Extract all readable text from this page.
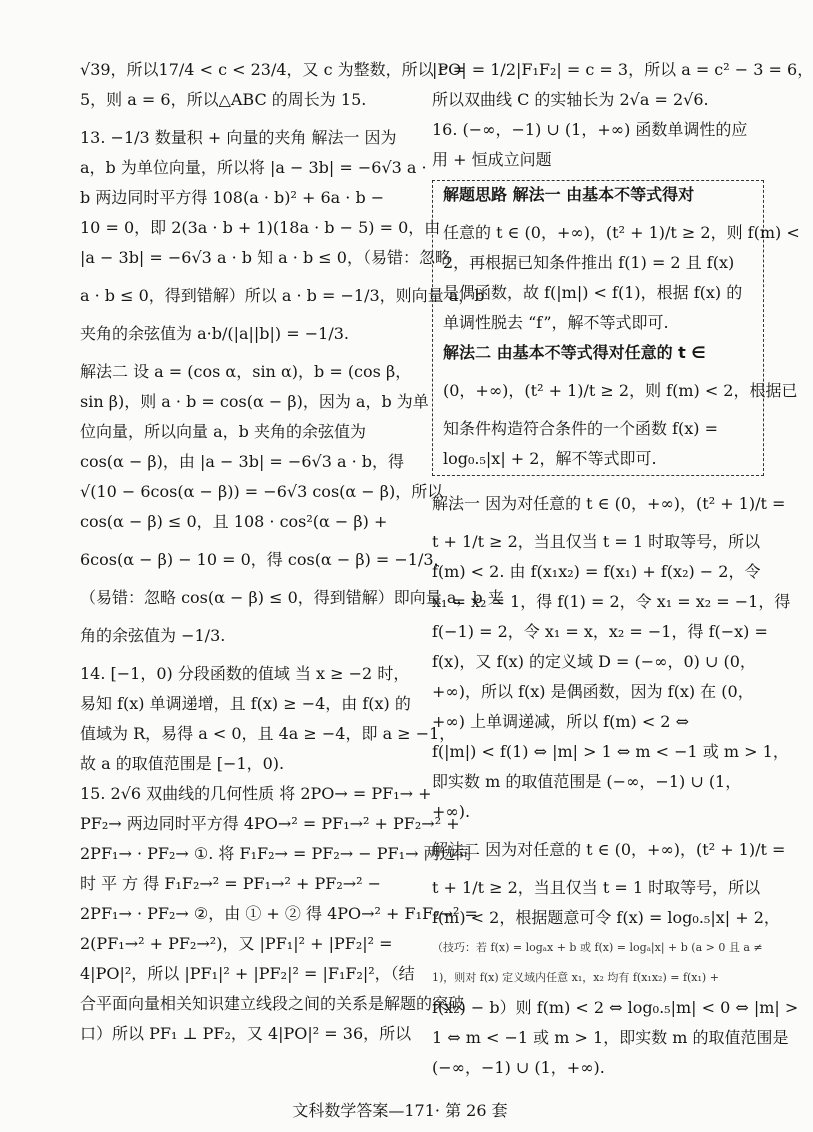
√39，所以17/4 < c < 23/4，又 c 为整数，所以 c =
5，则 a = 6，所以△ABC 的周长为 15.
13. −1/3 数量积 + 向量的夹角 解法一 因为
a，b 为单位向量，所以将 |a − 3b| = −6√3 a ·
b 两边同时平方得 108(a · b)² + 6a · b −
10 = 0，即 2(3a · b + 1)(18a · b − 5) = 0，由
|a − 3b| = −6√3 a · b 知 a · b ≤ 0，（易错：忽略
a · b ≤ 0，得到错解）所以 a · b = −1/3，则向量 a，b
夹角的余弦值为 a·b/(|a||b|) = −1/3.
解法二 设 a = (cos α，sin α)，b = (cos β，
sin β)，则 a · b = cos(α − β)，因为 a，b 为单
位向量，所以向量 a，b 夹角的余弦值为
cos(α − β)，由 |a − 3b| = −6√3 a · b，得
√(10 − 6cos(α − β)) = −6√3 cos(α − β)，所以
cos(α − β) ≤ 0，且 108 · cos²(α − β) +
6cos(α − β) − 10 = 0，得 cos(α − β) = −1/3，
（易错：忽略 cos(α − β) ≤ 0，得到错解）即向量 a，b 夹
角的余弦值为 −1/3.
14. [−1，0) 分段函数的值域 当 x ≥ −2 时，
易知 f(x) 单调递增，且 f(x) ≥ −4，由 f(x) 的
值域为 R，易得 a < 0，且 4a ≥ −4，即 a ≥ −1，
故 a 的取值范围是 [−1，0).
15. 2√6 双曲线的几何性质 将 2PO→ = PF₁→ +
PF₂→ 两边同时平方得 4PO→² = PF₁→² + PF₂→² +
2PF₁→ · PF₂→ ①. 将 F₁F₂→ = PF₂→ − PF₁→ 两边同
时 平 方 得 F₁F₂→² = PF₁→² + PF₂→² −
2PF₁→ · PF₂→ ②，由 ① + ② 得 4PO→² + F₁F₂→² =
2(PF₁→² + PF₂→²)，又 |PF₁|² + |PF₂|² =
4|PO|²，所以 |PF₁|² + |PF₂|² = |F₁F₂|²，（结
合平面向量相关知识建立线段之间的关系是解题的突破
口）所以 PF₁ ⊥ PF₂，又 4|PO|² = 36，所以
|PO| = 1/2|F₁F₂| = c = 3，所以 a = c² − 3 = 6，
所以双曲线 C 的实轴长为 2√a = 2√6.
16. (−∞，−1) ∪ (1，+∞) 函数单调性的应
用 + 恒成立问题
解题思路 解法一 由基本不等式得对
任意的 t ∈ (0，+∞)，(t² + 1)/t ≥ 2，则 f(m) <
2，再根据已知条件推出 f(1) = 2 且 f(x)
是偶函数，故 f(|m|) < f(1)，根据 f(x) 的
单调性脱去 “f”，解不等式即可.
解法二 由基本不等式得对任意的 t ∈
(0，+∞)，(t² + 1)/t ≥ 2，则 f(m) < 2，根据已
知条件构造符合条件的一个函数 f(x) =
log₀.₅|x| + 2，解不等式即可.
解法一 因为对任意的 t ∈ (0，+∞)，(t² + 1)/t =
t + 1/t ≥ 2，当且仅当 t = 1 时取等号，所以
f(m) < 2. 由 f(x₁x₂) = f(x₁) + f(x₂) − 2，令
x₁ = x₂ = 1，得 f(1) = 2，令 x₁ = x₂ = −1，得
f(−1) = 2，令 x₁ = x，x₂ = −1，得 f(−x) =
f(x)，又 f(x) 的定义域 D = (−∞，0) ∪ (0，
+∞)，所以 f(x) 是偶函数，因为 f(x) 在 (0，
+∞) 上单调递减，所以 f(m) < 2 ⇔
f(|m|) < f(1) ⇔ |m| > 1 ⇔ m < −1 或 m > 1，
即实数 m 的取值范围是 (−∞，−1) ∪ (1，
+∞).
解法二 因为对任意的 t ∈ (0，+∞)，(t² + 1)/t =
t + 1/t ≥ 2，当且仅当 t = 1 时取等号，所以
f(m) < 2，根据题意可令 f(x) = log₀.₅|x| + 2，
（技巧：若 f(x) = logₐx + b 或 f(x) = logₐ|x| + b (a > 0 且 a ≠
1)，则对 f(x) 定义域内任意 x₁，x₂ 均有 f(x₁x₂) = f(x₁) +
f(x₂) − b）则 f(m) < 2 ⇔ log₀.₅|m| < 0 ⇔ |m| >
1 ⇔ m < −1 或 m > 1，即实数 m 的取值范围是
(−∞，−1) ∪ (1，+∞).
文科数学答案—171· 第 26 套
